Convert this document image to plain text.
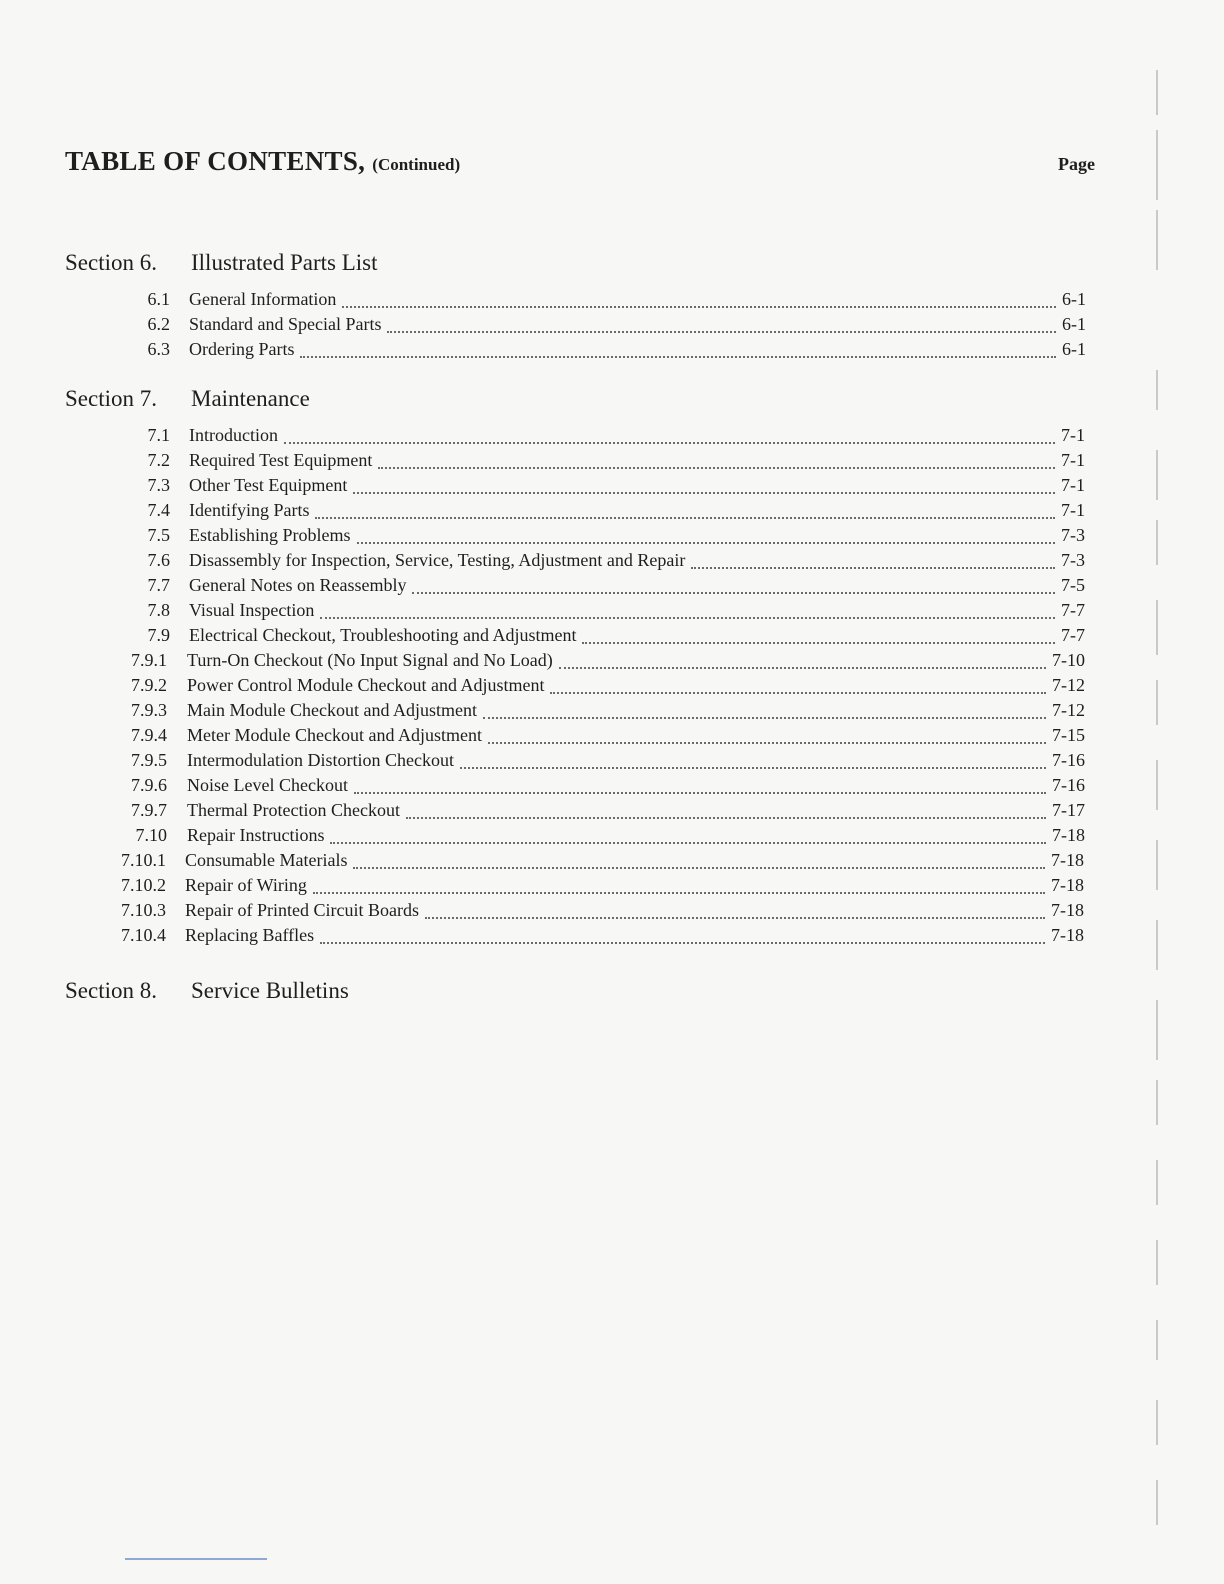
TABLE OF CONTENTS, (Continued)	Page
Section 6. Illustrated Parts List
6.1 General Information	6-1
6.2 Standard and Special Parts	6-1
6.3 Ordering Parts	6-1
Section 7. Maintenance
7.1 Introduction	7-1
7.2 Required Test Equipment	7-1
7.3 Other Test Equipment	7-1
7.4 Identifying Parts	7-1
7.5 Establishing Problems	7-3
7.6 Disassembly for Inspection, Service, Testing, Adjustment and Repair	7-3
7.7 General Notes on Reassembly	7-5
7.8 Visual Inspection	7-7
7.9 Electrical Checkout, Troubleshooting and Adjustment	7-7
7.9.1 Turn-On Checkout (No Input Signal and No Load)	7-10
7.9.2 Power Control Module Checkout and Adjustment	7-12
7.9.3 Main Module Checkout and Adjustment	7-12
7.9.4 Meter Module Checkout and Adjustment	7-15
7.9.5 Intermodulation Distortion Checkout	7-16
7.9.6 Noise Level Checkout	7-16
7.9.7 Thermal Protection Checkout	7-17
7.10 Repair Instructions	7-18
7.10.1 Consumable Materials	7-18
7.10.2 Repair of Wiring	7-18
7.10.3 Repair of Printed Circuit Boards	7-18
7.10.4 Replacing Baffles	7-18
Section 8. Service Bulletins
